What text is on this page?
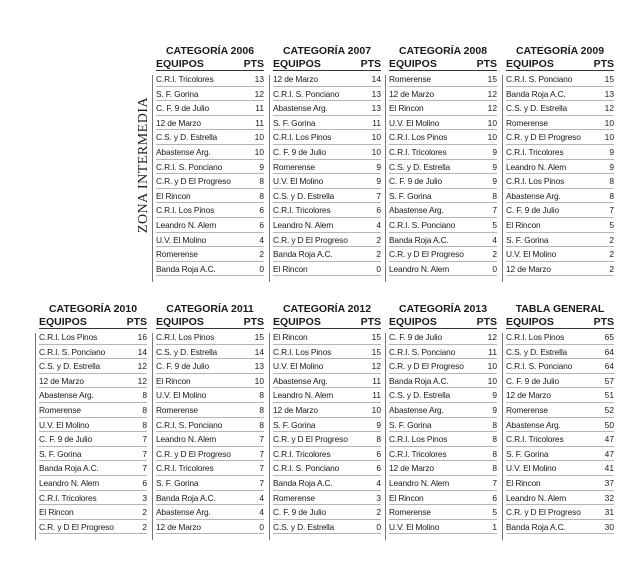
ZONA INTERMEDIA
CATEGORÍA 2006
EQUIPOS	PTS
C.R.I. Tricolores	13
S. F. Gorina	12
C. F. 9 de Julio	11
12 de Marzo	11
C.S. y D. Estrella	10
Abastense Arg.	10
C.R.I. S. Ponciano	9
C.R. y D El Progreso	8
El Rincon	8
C.R.I. Los Pinos	6
Leandro N. Alem	6
U.V. El Molino	4
Romerense	2
Banda Roja A.C.	0
CATEGORÍA 2007
EQUIPOS	PTS
12 de Marzo	14
C.R.I. S. Ponciano	13
Abastense Arg.	13
S. F. Gorina	11
C.R.I. Los Pinos	10
C. F. 9 de Julio	10
Romerense	9
U.V. El Molino	9
C.S. y D. Estrella	7
C.R.I. Tricolores	6
Leandro N. Alem	4
C.R. y D El Progreso	2
Banda Roja A.C.	2
El Rincon	0
CATEGORÍA 2008
EQUIPOS	PTS
Romerense	15
12 de Marzo	12
El Rincon	12
U.V. El Molino	10
C.R.I. Los Pinos	10
C.R.I. Tricolores	9
C.S. y D. Estrella	9
C. F. 9 de Julio	9
S. F. Gorina	8
Abastense Arg.	7
C.R.I. S. Ponciano	5
Banda Roja A.C.	4
C.R. y D El Progreso	2
Leandro N. Alem	0
CATEGORÍA 2009
EQUIPOS	PTS
C.R.I. S. Ponciano	15
Banda Roja A.C.	13
C.S. y D. Estrella	12
Romerense	10
C.R. y D El Progreso	10
C.R.I. Tricolores	9
Leandro N. Alem	9
C.R.I. Los Pinos	8
Abastense Arg.	8
C. F. 9 de Julio	7
El Rincon	5
S. F. Gorina	2
U.V. El Molino	2
12 de Marzo	2
CATEGORÍA 2010
EQUIPOS	PTS
C.R.I. Los Pinos	16
C.R.I. S. Ponciano	14
C.S. y D. Estrella	12
12 de Marzo	12
Abastense Arg.	8
Romerense	8
U.V. El Molino	8
C. F. 9 de Julio	7
S. F. Gorina	7
Banda Roja A.C.	7
Leandro N. Alem	6
C.R.I. Tricolores	3
El Rincon	2
C.R. y D El Progreso	2
CATEGORÍA 2011
EQUIPOS	PTS
C.R.I. Los Pinos	15
C.S. y D. Estrella	14
C. F. 9 de Julio	13
El Rincon	10
U.V. El Molino	8
Romerense	8
C.R.I. S. Ponciano	8
Leandro N. Alem	7
C.R. y D El Progreso	7
C.R.I. Tricolores	7
S. F. Gorina	7
Banda Roja A.C.	4
Abastense Arg.	4
12 de Marzo	0
CATEGORÍA 2012
EQUIPOS	PTS
El Rincon	15
C.R.I. Los Pinos	15
U.V. El Molino	12
Abastense Arg.	11
Leandro N. Alem	11
12 de Marzo	10
S. F. Gorina	9
C.R. y D El Progreso	8
C.R.I. Tricolores	6
C.R.I. S. Ponciano	6
Banda Roja A.C.	4
Romerense	3
C. F. 9 de Julio	2
C.S. y D. Estrella	0
CATEGORÍA 2013
EQUIPOS	PTS
C. F. 9 de Julio	12
C.R.I. S. Ponciano	11
C.R. y D El Progreso	10
Banda Roja A.C.	10
C.S. y D. Estrella	9
Abastense Arg.	9
S. F. Gorina	8
C.R.I. Los Pinos	8
C.R.I. Tricolores	8
12 de Marzo	8
Leandro N. Alem	7
El Rincon	6
Romerense	5
U.V. El Molino	1
TABLA GENERAL
EQUIPOS	PTS
C.R.I. Los Pinos	65
C.S. y D. Estrella	64
C.R.I. S. Ponciano	64
C. F. 9 de Julio	57
12 de Marzo	51
Romerense	52
Abastense Arg.	50
C.R.I. Tricolores	47
S. F. Gorina	47
U.V. El Molino	41
El Rincon	37
Leandro N. Alem	32
C.R. y D El Progreso	31
Banda Roja A.C.	30
